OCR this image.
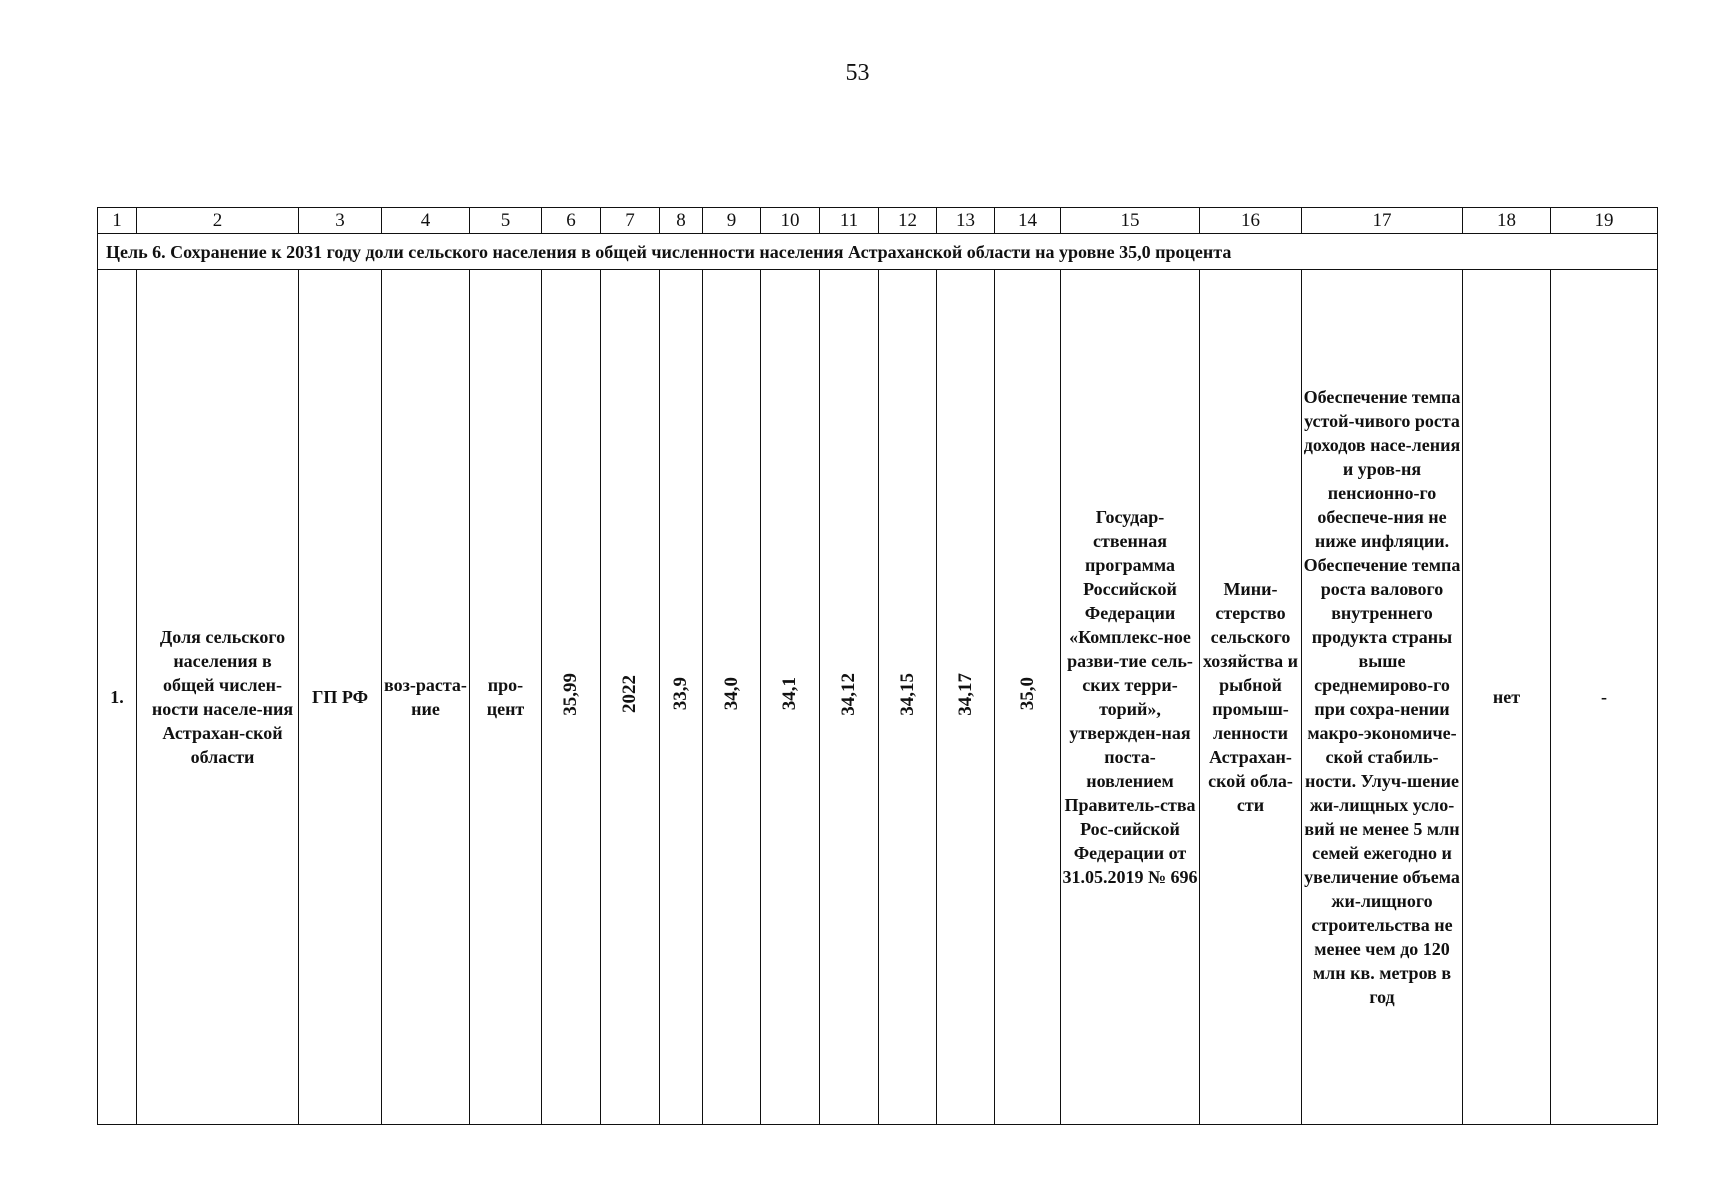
53
1	2	3	4	5	6	7	8	9	10	11	12	13	14	15	16	17	18	19
Цель 6. Сохранение к 2031 году доли сельского населения в общей численности населения Астраханской области на уровне 35,0 процента																		
1.	Доля сельского населения в общей числен-ности населе-ния Астрахан-ской области	ГП РФ	воз-раста-ние	про-цент	35,99	2022	33,9	34,0	34,1	34,12	34,15	34,17	35,0	Государ-ственная программа Российской Федерации «Комплекс-ное разви-тие сель-ских терри-торий», утвержден-ная поста-новлением Правитель-ства Рос-сийской Федерации от 31.05.2019 № 696	Мини-стерство сельского хозяйства и рыбной промыш-ленности Астрахан-ской обла-сти	Обеспечение темпа устой-чивого роста доходов насе-ления и уров-ня пенсионно-го обеспече-ния не ниже инфляции. Обеспечение темпа роста валового внутреннего продукта страны выше среднемирово-го при сохра-нении макро-экономиче-ской стабиль-ности. Улуч-шение жи-лищных усло-вий не менее 5 млн семей ежегодно и увеличение объема жи-лищного строительства не менее чем до 120 млн кв. метров в год	нет	-
